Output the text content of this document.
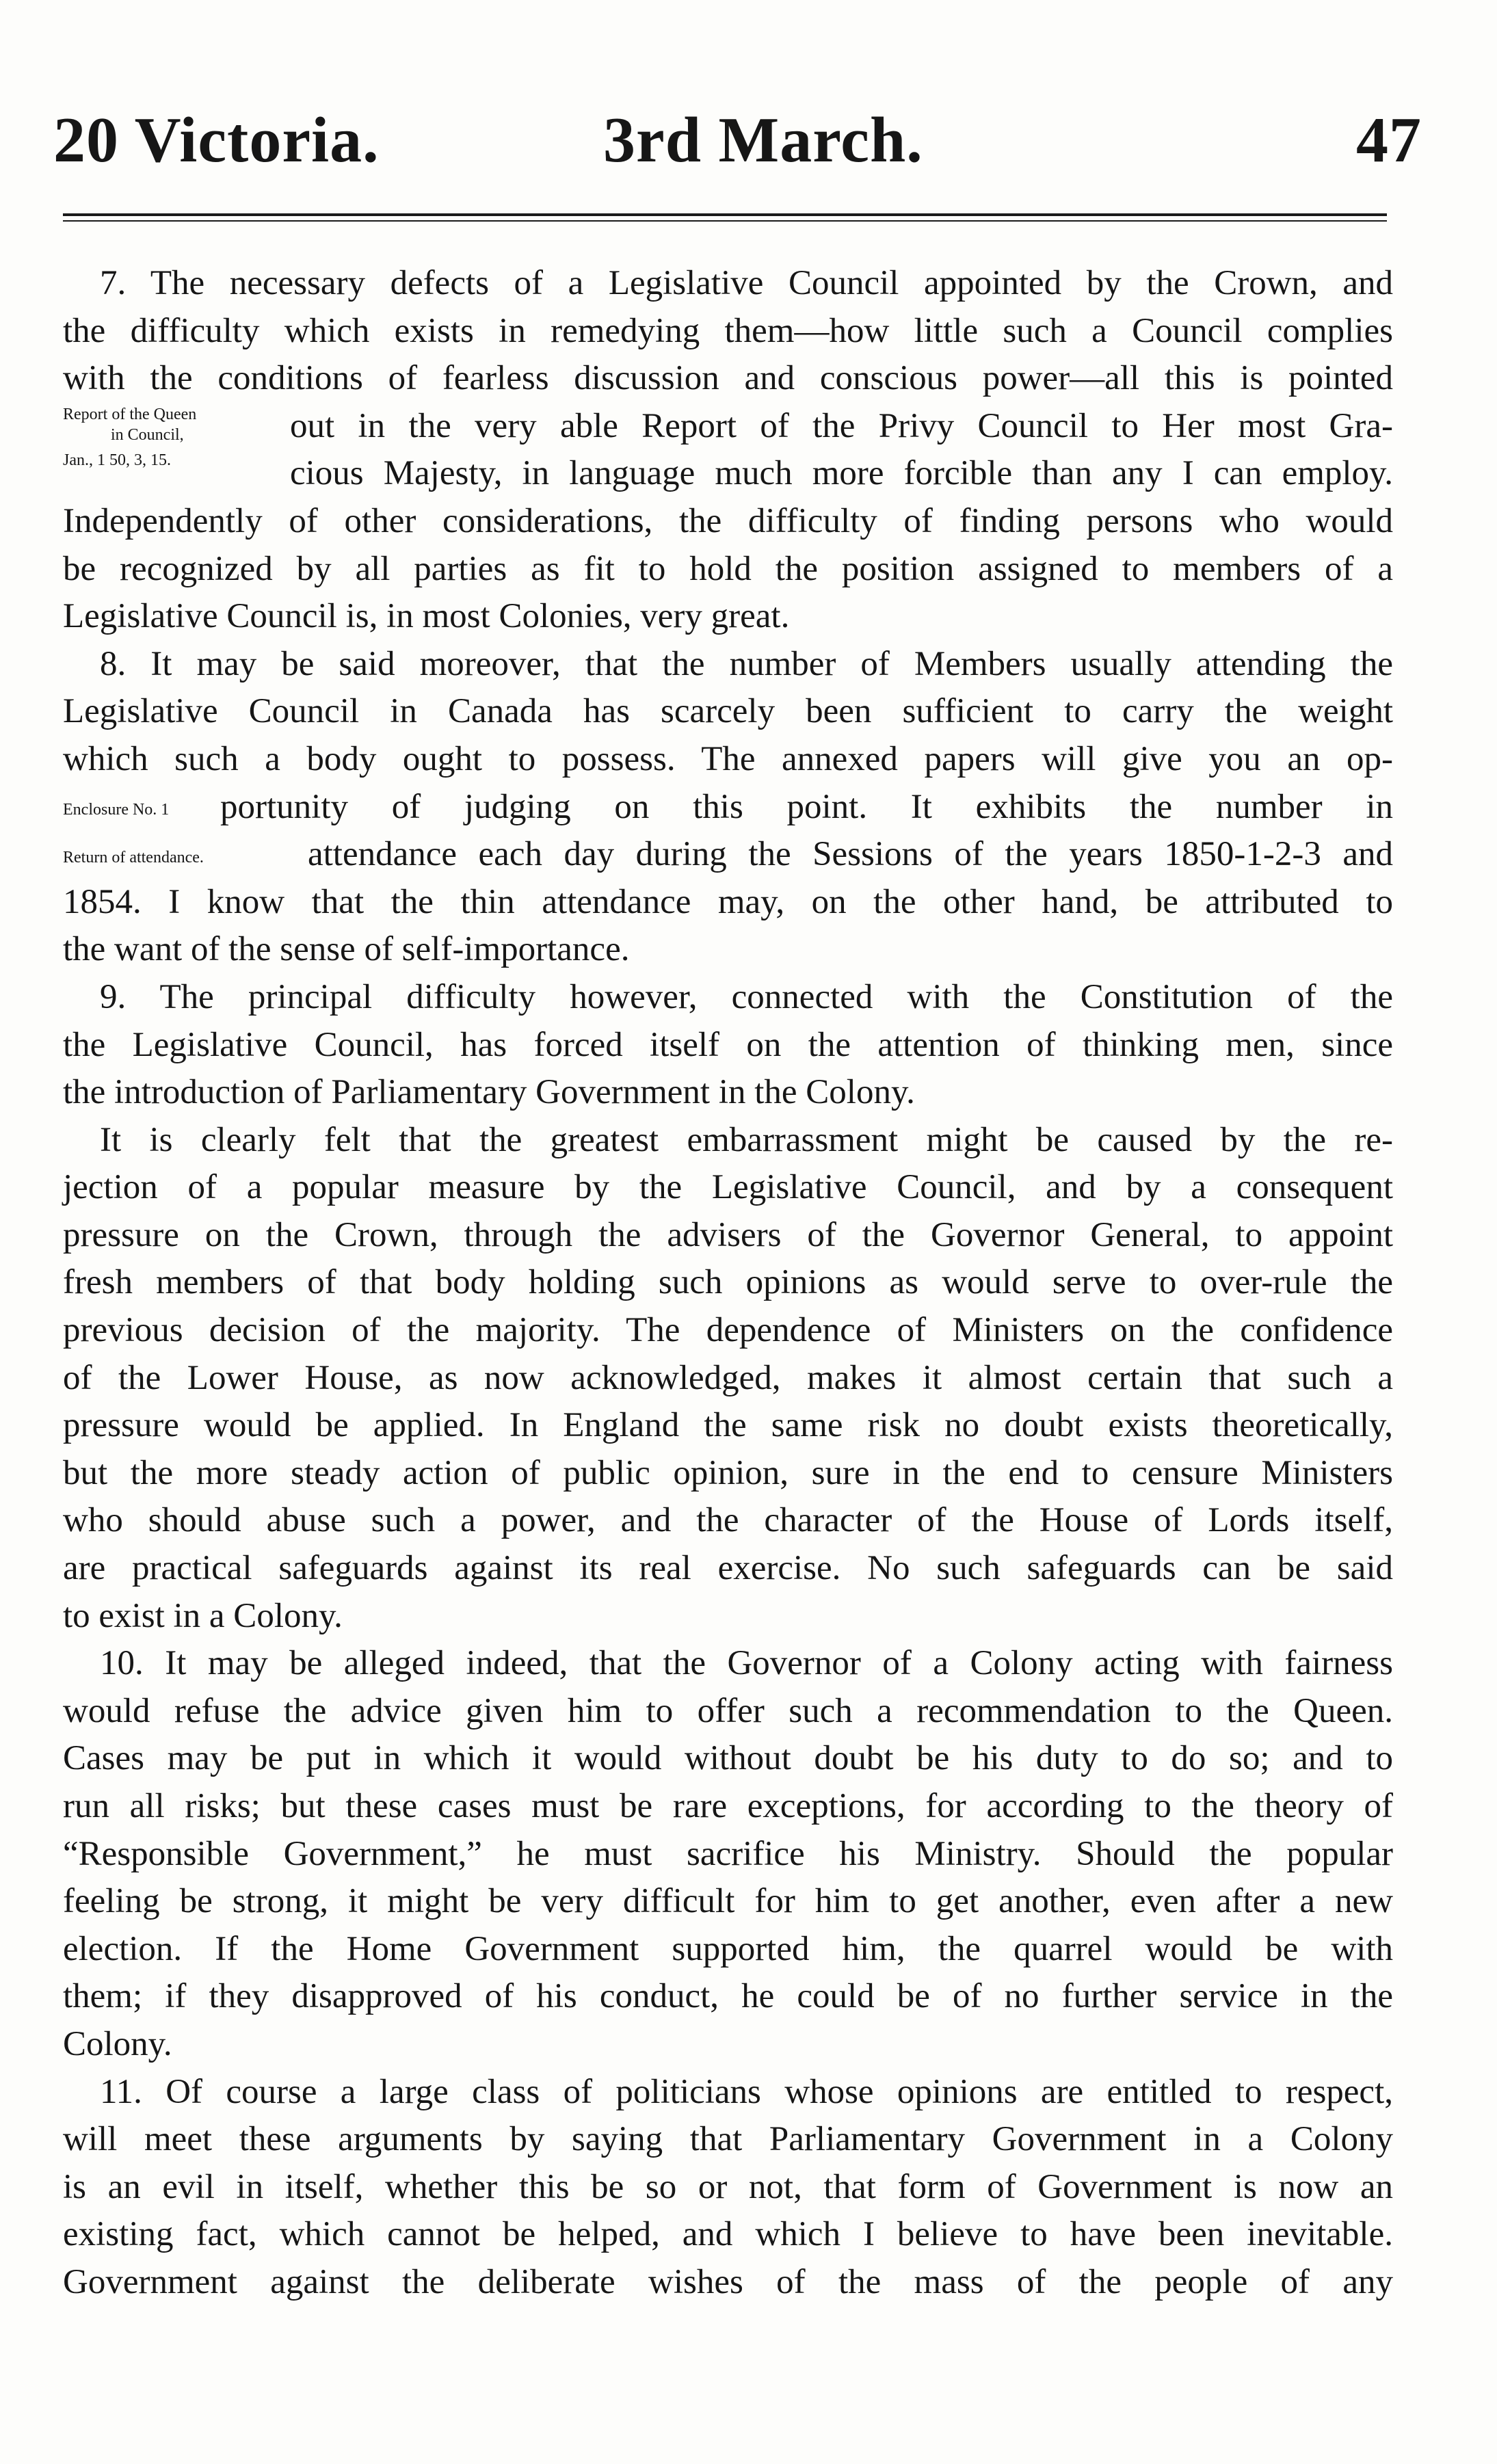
20 Victoria.	3rd March.	47
Report of the Queen
in Council,
Jan., 1 50, 3, 15.
Enclosure No. 1
Return of attendance.
7. The necessary defects of a Legislative Council appointed by the Crown, and
the difficulty which exists in remedying them—how little such a Council complies
with the conditions of fearless discussion and conscious power—all this is pointed
out in the very able Report of the Privy Council to Her most Gra-
cious Majesty, in language much more forcible than any I can employ.
Independently of other considerations, the difficulty of finding persons who would
be recognized by all parties as fit to hold the position assigned to members of a
Legislative Council is, in most Colonies, very great.
8. It may be said moreover, that the number of Members usually attending the
Legislative Council in Canada has scarcely been sufficient to carry the weight
which such a body ought to possess. The annexed papers will give you an op-
portunity of judging on this point. It exhibits the number in
attendance each day during the Sessions of the years 1850-1-2-3 and
1854. I know that the thin attendance may, on the other hand, be attributed to
the want of the sense of self-importance.
9. The principal difficulty however, connected with the Constitution of the
the Legislative Council, has forced itself on the attention of thinking men, since
the introduction of Parliamentary Government in the Colony.
It is clearly felt that the greatest embarrassment might be caused by the re-
jection of a popular measure by the Legislative Council, and by a consequent
pressure on the Crown, through the advisers of the Governor General, to appoint
fresh members of that body holding such opinions as would serve to over-rule the
previous decision of the majority. The dependence of Ministers on the confidence
of the Lower House, as now acknowledged, makes it almost certain that such a
pressure would be applied. In England the same risk no doubt exists theoretically,
but the more steady action of public opinion, sure in the end to censure Ministers
who should abuse such a power, and the character of the House of Lords itself,
are practical safeguards against its real exercise. No such safeguards can be said
to exist in a Colony.
10. It may be alleged indeed, that the Governor of a Colony acting with fairness
would refuse the advice given him to offer such a recommendation to the Queen.
Cases may be put in which it would without doubt be his duty to do so; and to
run all risks; but these cases must be rare exceptions, for according to the theory of
“Responsible Government,” he must sacrifice his Ministry. Should the popular
feeling be strong, it might be very difficult for him to get another, even after a new
election. If the Home Government supported him, the quarrel would be with
them; if they disapproved of his conduct, he could be of no further service in the
Colony.
11. Of course a large class of politicians whose opinions are entitled to respect,
will meet these arguments by saying that Parliamentary Government in a Colony
is an evil in itself, whether this be so or not, that form of Government is now an
existing fact, which cannot be helped, and which I believe to have been inevitable.
Government against the deliberate wishes of the mass of the people of any
